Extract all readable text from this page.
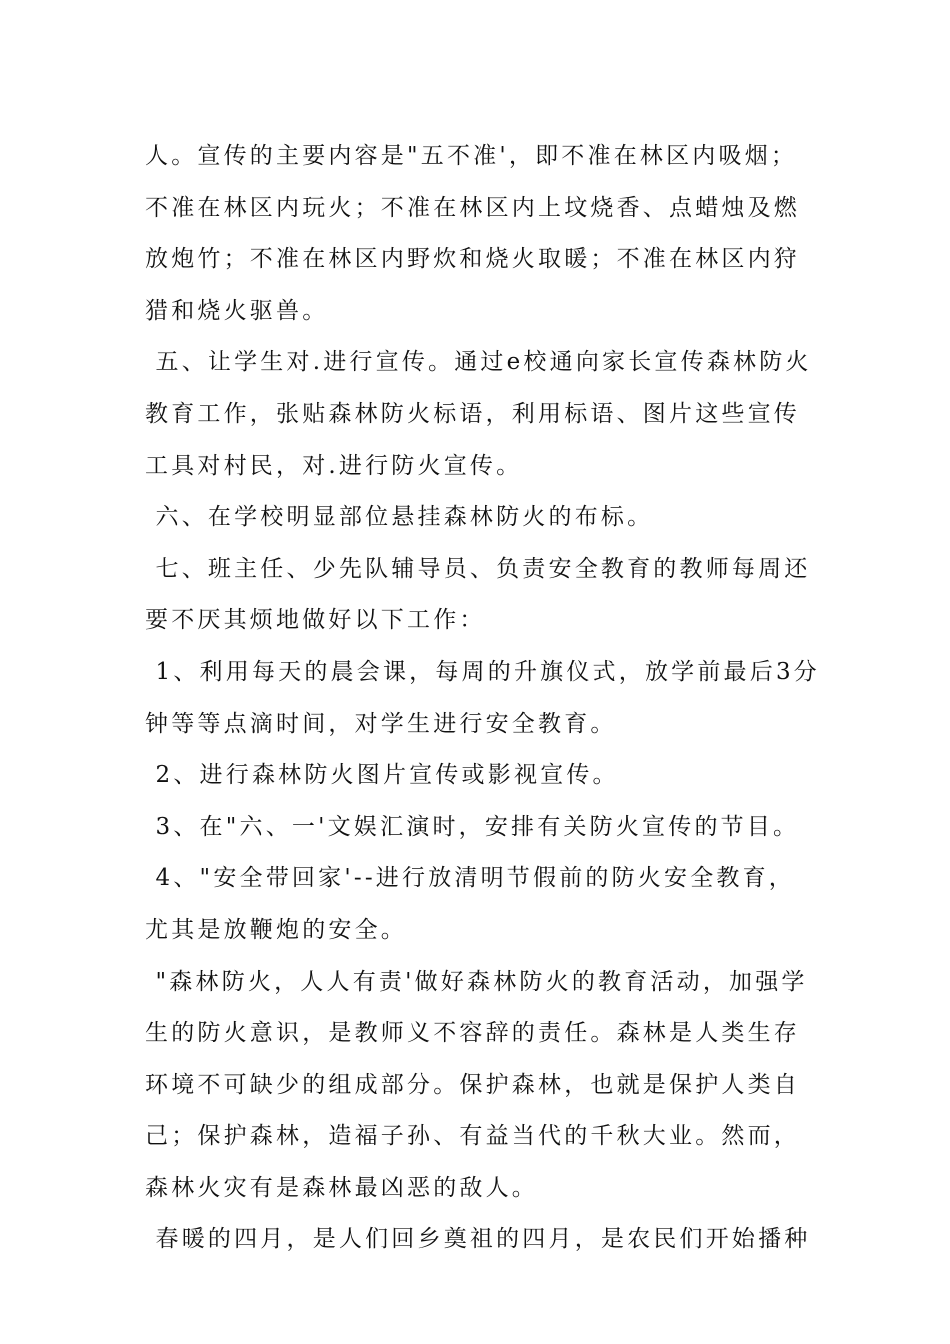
人。宣传的主要内容是"五不准'，即不准在林区内吸烟；
不准在林区内玩火；不准在林区内上坟烧香、点蜡烛及燃
放炮竹；不准在林区内野炊和烧火取暖；不准在林区内狩
猎和烧火驱兽。
五、让学生对.进行宣传。通过e校通向家长宣传森林防火
教育工作，张贴森林防火标语，利用标语、图片这些宣传
工具对村民，对.进行防火宣传。
六、在学校明显部位悬挂森林防火的布标。
七、班主任、少先队辅导员、负责安全教育的教师每周还
要不厌其烦地做好以下工作：
1、利用每天的晨会课，每周的升旗仪式，放学前最后3分
钟等等点滴时间，对学生进行安全教育。
2、进行森林防火图片宣传或影视宣传。
3、在"六、一'文娱汇演时，安排有关防火宣传的节目。
4、"安全带回家'--进行放清明节假前的防火安全教育，
尤其是放鞭炮的安全。
"森林防火，人人有责'做好森林防火的教育活动，加强学
生的防火意识，是教师义不容辞的责任。森林是人类生存
环境不可缺少的组成部分。保护森林，也就是保护人类自
己；保护森林，造福子孙、有益当代的千秋大业。然而，
森林火灾有是森林最凶恶的敌人。
春暖的四月，是人们回乡奠祖的四月，是农民们开始播种
